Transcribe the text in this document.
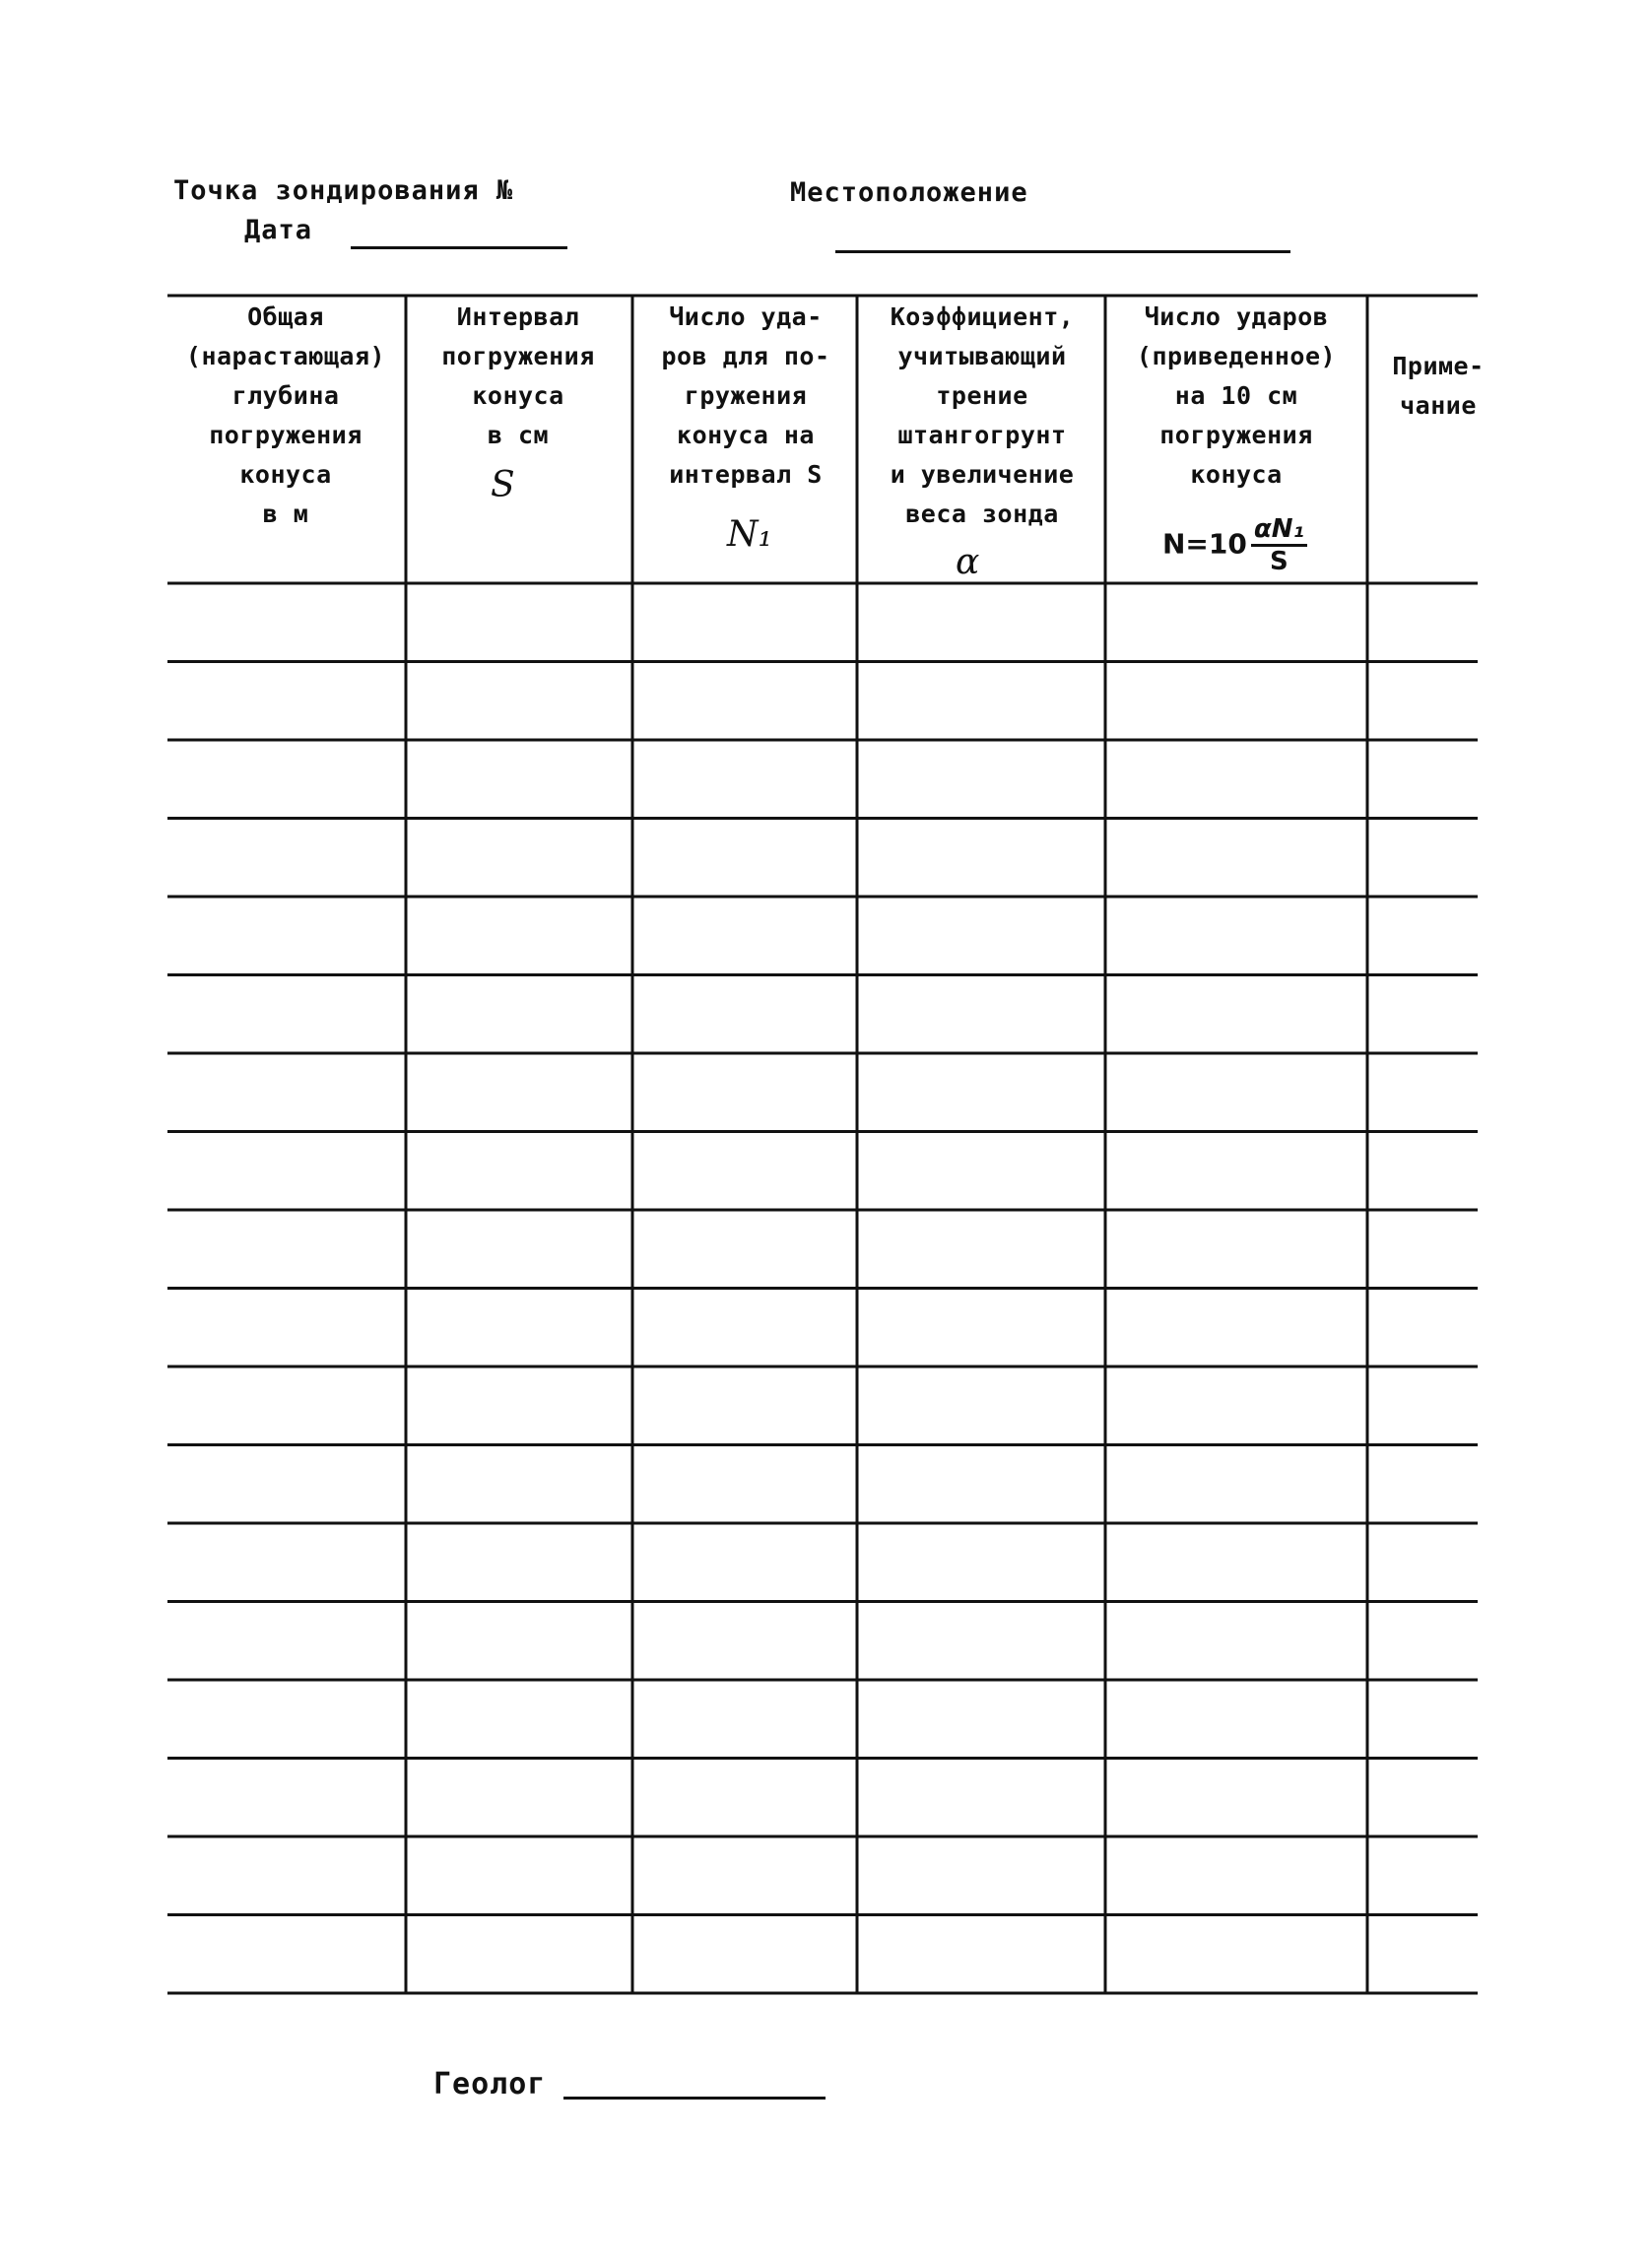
Точка зондирования №
Дата
Местоположение
Общая
(нарастающая)
глубина
погружения
конуса
в м
Интервал
погружения
конуса
в см
S
Число уда-
ров для по-
гружения
конуса на
интервал S
N₁
Коэффициент,
учитывающий
трение
штангогрунт
и увеличение
веса зонда
α
Число ударов
(приведенное)
на 10 см
погружения
конуса
$N=10 \frac{\text{αN₁}}{S}$
Приме-
чание
Геолог
